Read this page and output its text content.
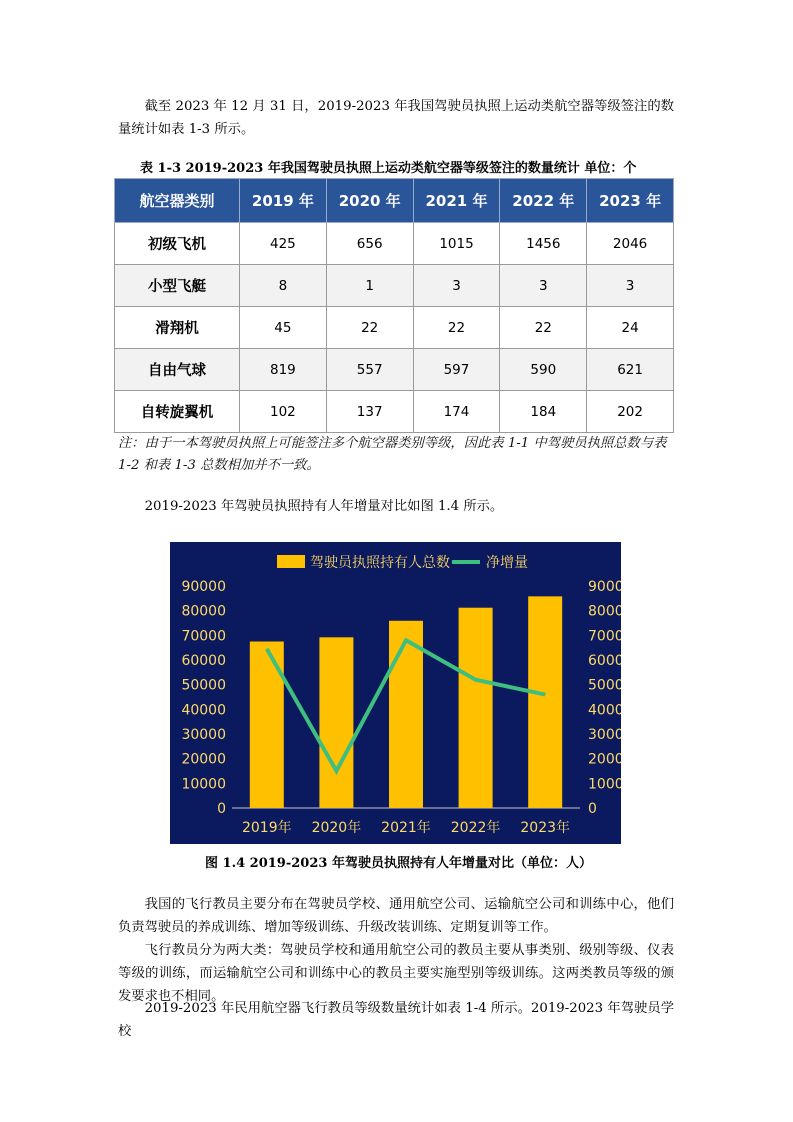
截至 2023 年 12 月 31 日，2019-2023 年我国驾驶员执照上运动类航空器等级签注的数量统计如表 1-3 所示。

表 1-3 2019-2023 年我国驾驶员执照上运动类航空器等级签注的数量统计 单位：个
航空器类别	2019 年	2020 年	2021 年	2022 年	2023 年
初级飞机	425	656	1015	1456	2046
小型飞艇	8	1	3	3	3
滑翔机	45	22	22	22	24
自由气球	819	557	597	590	621
自转旋翼机	102	137	174	184	202

注：由于一本驾驶员执照上可能签注多个航空器类别等级，因此表 1-1 中驾驶员执照总数与表 1-2 和表 1-3 总数相加并不一致。

2019-2023 年驾驶员执照持有人年增量对比如图 1.4 所示。

0
10000
20000
30000
40000
50000
60000
70000
80000
90000
0
1000
2000
3000
4000
5000
6000
7000
8000
9000
2019年 2020年 2021年 2022年 2023年
驾驶员执照持有人总数	净增量
图 1.4 2019-2023 年驾驶员执照持有人年增量对比（单位：人）

我国的飞行教员主要分布在驾驶员学校、通用航空公司、运输航空公司和训练中心，他们负责驾驶员的养成训练、增加等级训练、升级改装训练、定期复训等工作。

飞行教员分为两大类：驾驶员学校和通用航空公司的教员主要从事类别、级别等级、仪表等级的训练，而运输航空公司和训练中心的教员主要实施型别等级训练。这两类教员等级的颁发要求也不相同。

2019-2023 年民用航空器飞行教员等级数量统计如表 1-4 所示。2019-2023 年驾驶员学校
